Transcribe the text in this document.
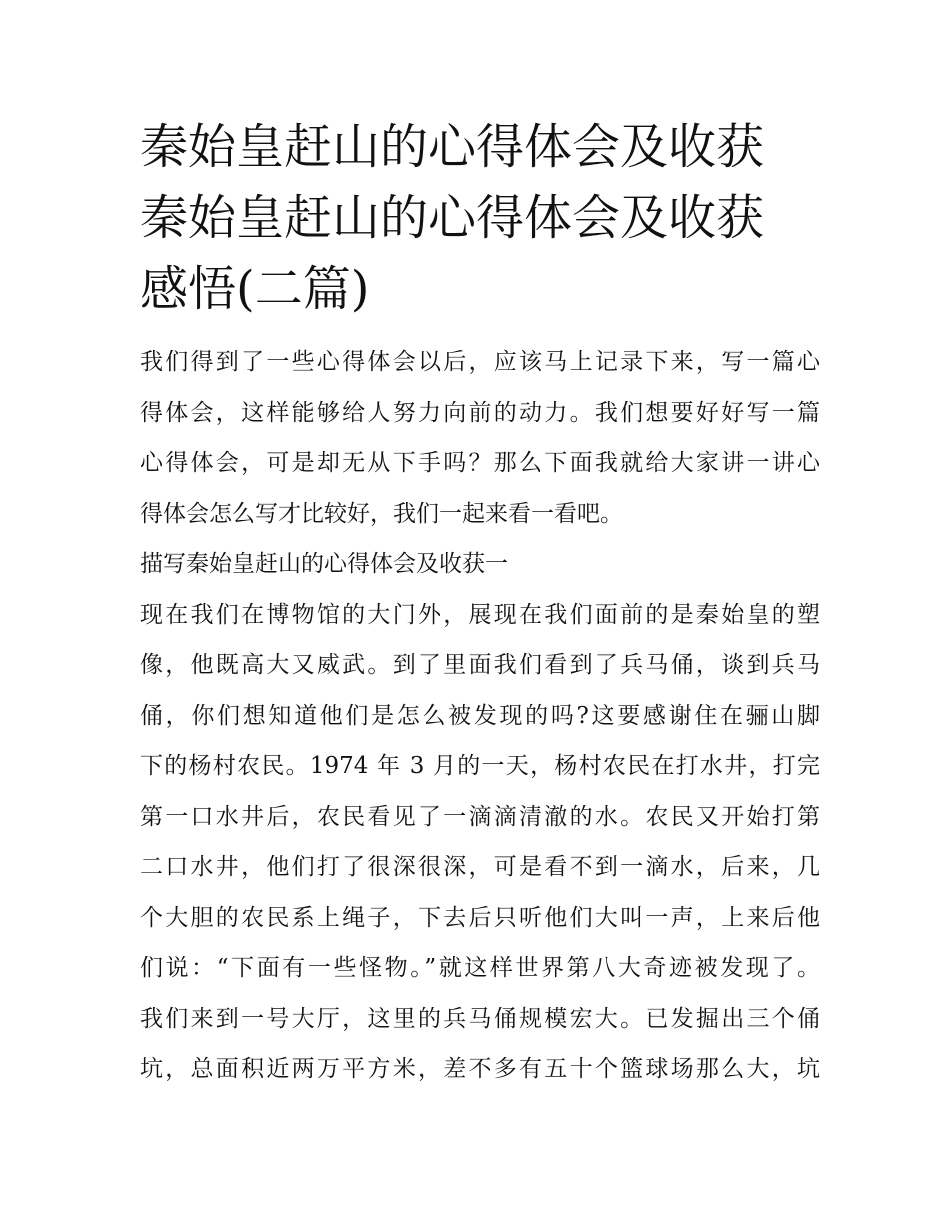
秦始皇赶山的心得体会及收获
秦始皇赶山的心得体会及收获
感悟(二篇)
我们得到了一些心得体会以后，应该马上记录下来，写一篇心
得体会，这样能够给人努力向前的动力。我们想要好好写一篇
心得体会，可是却无从下手吗？那么下面我就给大家讲一讲心
得体会怎么写才比较好，我们一起来看一看吧。

描写秦始皇赶山的心得体会及收获一

现在我们在博物馆的大门外，展现在我们面前的是秦始皇的塑
像，他既高大又威武。到了里面我们看到了兵马俑，谈到兵马
俑，你们想知道他们是怎么被发现的吗?这要感谢住在骊山脚
下的杨村农民。1974 年 3 月的一天，杨村农民在打水井，打完
第一口水井后，农民看见了一滴滴清澈的水。农民又开始打第
二口水井，他们打了很深很深，可是看不到一滴水，后来，几
个大胆的农民系上绳子，下去后只听他们大叫一声，上来后他
们说：“下面有一些怪物。”就这样世界第八大奇迹被发现了。
我们来到一号大厅，这里的兵马俑规模宏大。已发掘出三个俑
坑，总面积近两万平方米，差不多有五十个篮球场那么大，坑
